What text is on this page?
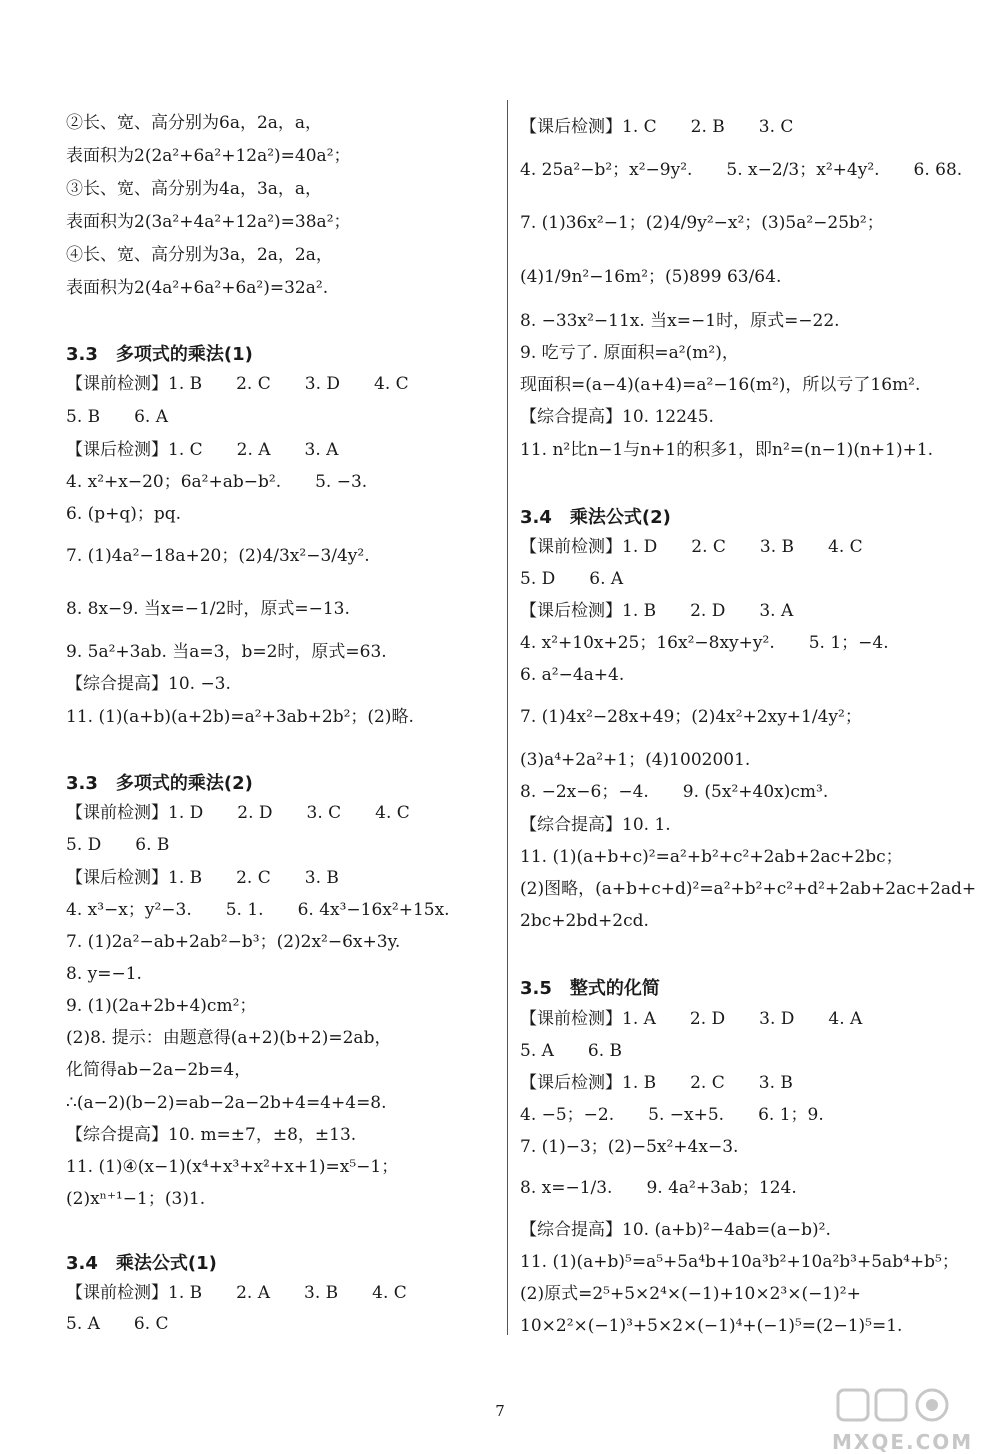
②长、宽、高分别为6a，2a，a，
表面积为2(2a²+6a²+12a²)=40a²；
③长、宽、高分别为4a，3a，a，
表面积为2(3a²+4a²+12a²)=38a²；
④长、宽、高分别为3a，2a，2a，
表面积为2(4a²+6a²+6a²)=32a².
3.3　多项式的乘法(1)
【课前检测】1. B　　2. C　　3. D　　4. C
5. B　　6. A
【课后检测】1. C　　2. A　　3. A
4. x²+x−20；6a²+ab−b².　　5. −3.
6. (p+q)；pq.
7. (1)4a²−18a+20；(2)4/3x²−3/4y².
8. 8x−9. 当x=−1/2时，原式=−13.
9. 5a²+3ab. 当a=3，b=2时，原式=63.
【综合提高】10. −3.
11. (1)(a+b)(a+2b)=a²+3ab+2b²；(2)略.
3.3　多项式的乘法(2)
【课前检测】1. D　　2. D　　3. C　　4. C
5. D　　6. B
【课后检测】1. B　　2. C　　3. B
4. x³−x；y²−3.　　5. 1.　　6. 4x³−16x²+15x.
7. (1)2a²−ab+2ab²−b³；(2)2x²−6x+3y.
8. y=−1.
9. (1)(2a+2b+4)cm²；
(2)8. 提示：由题意得(a+2)(b+2)=2ab，
化简得ab−2a−2b=4，
∴(a−2)(b−2)=ab−2a−2b+4=4+4=8.
【综合提高】10. m=±7，±8，±13.
11. (1)④(x−1)(x⁴+x³+x²+x+1)=x⁵−1；
(2)xⁿ⁺¹−1；(3)1.
3.4　乘法公式(1)
【课前检测】1. B　　2. A　　3. B　　4. C
5. A　　6. C
【课后检测】1. C　　2. B　　3. C
4. 25a²−b²；x²−9y².　　5. x−2/3；x²+4y².　　6. 68.
7. (1)36x²−1；(2)4/9y²−x²；(3)5a²−25b²；
(4)1/9n²−16m²；(5)899 63/64.
8. −33x²−11x. 当x=−1时，原式=−22.
9. 吃亏了. 原面积=a²(m²)，
现面积=(a−4)(a+4)=a²−16(m²)，所以亏了16m².
【综合提高】10. 12245.
11. n²比n−1与n+1的积多1，即n²=(n−1)(n+1)+1.
3.4　乘法公式(2)
【课前检测】1. D　　2. C　　3. B　　4. C
5. D　　6. A
【课后检测】1. B　　2. D　　3. A
4. x²+10x+25；16x²−8xy+y².　　5. 1；−4.
6. a²−4a+4.
7. (1)4x²−28x+49；(2)4x²+2xy+1/4y²；
(3)a⁴+2a²+1；(4)1002001.
8. −2x−6；−4.　　9. (5x²+40x)cm³.
【综合提高】10. 1.
11. (1)(a+b+c)²=a²+b²+c²+2ab+2ac+2bc；
(2)图略，(a+b+c+d)²=a²+b²+c²+d²+2ab+2ac+2ad+
2bc+2bd+2cd.
3.5　整式的化简
【课前检测】1. A　　2. D　　3. D　　4. A
5. A　　6. B
【课后检测】1. B　　2. C　　3. B
4. −5；−2.　　5. −x+5.　　6. 1；9.
7. (1)−3；(2)−5x²+4x−3.
8. x=−1/3.　　9. 4a²+3ab；124.
【综合提高】10. (a+b)²−4ab=(a−b)².
11. (1)(a+b)⁵=a⁵+5a⁴b+10a³b²+10a²b³+5ab⁴+b⁵；
(2)原式=2⁵+5×2⁴×(−1)+10×2³×(−1)²+
10×2²×(−1)³+5×2×(−1)⁴+(−1)⁵=(2−1)⁵=1.
7
MXQE.COM
